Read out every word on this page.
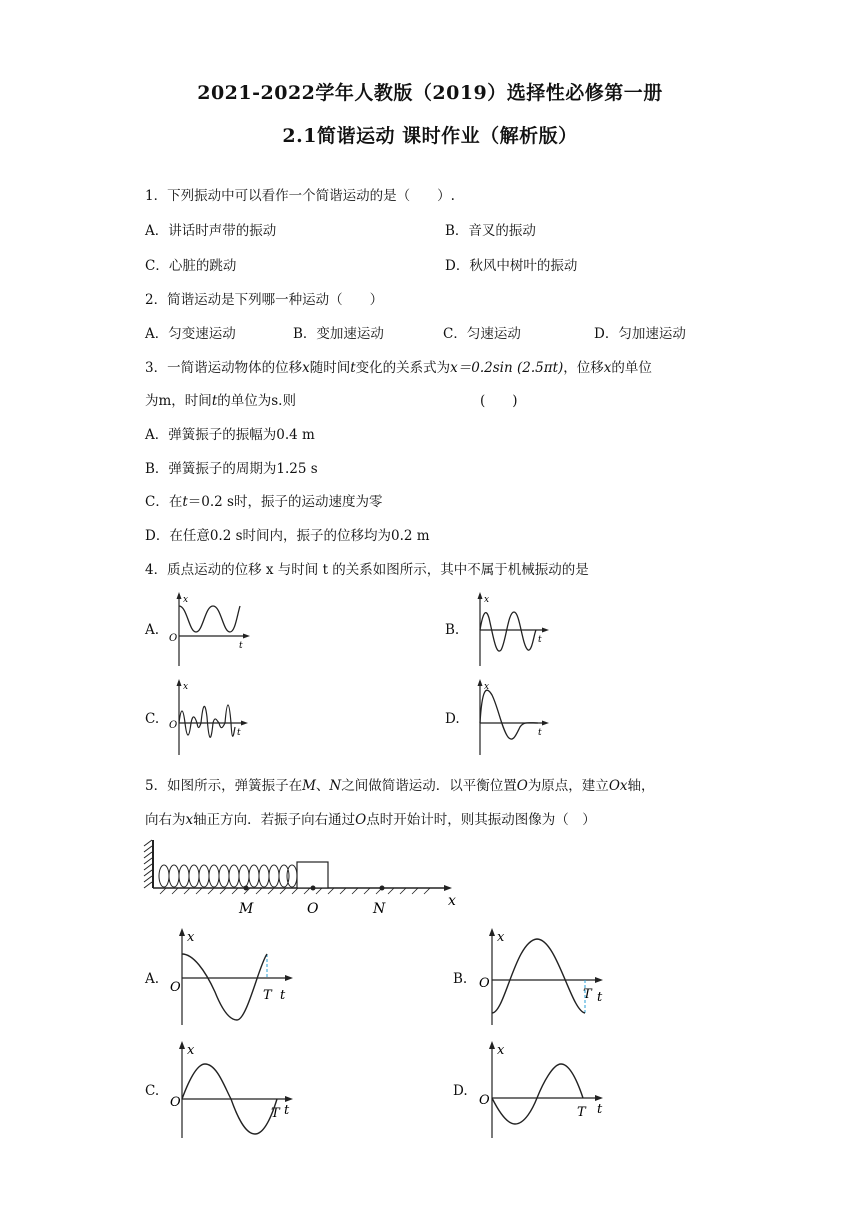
2021-2022学年人教版（2019）选择性必修第一册
2.1简谐运动 课时作业（解析版）
1．下列振动中可以看作一个简谐运动的是（　　）.
A．讲话时声带的振动	B．音叉的振动
C．心脏的跳动	D．秋风中树叶的振动
2．简谐运动是下列哪一种运动（　　）
A．匀变速运动	B．变加速运动	C．匀速运动	D．匀加速运动
3．一简谐运动物体的位移x随时间t变化的关系式为x＝0.2sin (2.5πt)，位移x的单位
为m，时间t的单位为s.则	(　　)
A．弹簧振子的振幅为0.4 m
B．弹簧振子的周期为1.25 s
C．在t＝0.2 s时，振子的运动速度为零
D．在任意0.2 s时间内，振子的位移均为0.2 m
4．质点运动的位移 x 与时间 t 的关系如图所示，其中不属于机械振动的是
A.
x
O
t
B.
x
t
C.
x
O
t
D.
x
t
5．如图所示，弹簧振子在M、N之间做简谐运动．以平衡位置O为原点，建立Ox轴，
向右为x轴正方向．若振子向右通过O点时开始计时，则其振动图像为（　）
M	O	N	x
A.
x
O
T t
B.
x
O
T t
C.
x
O
T t
D.
x
O
T t
